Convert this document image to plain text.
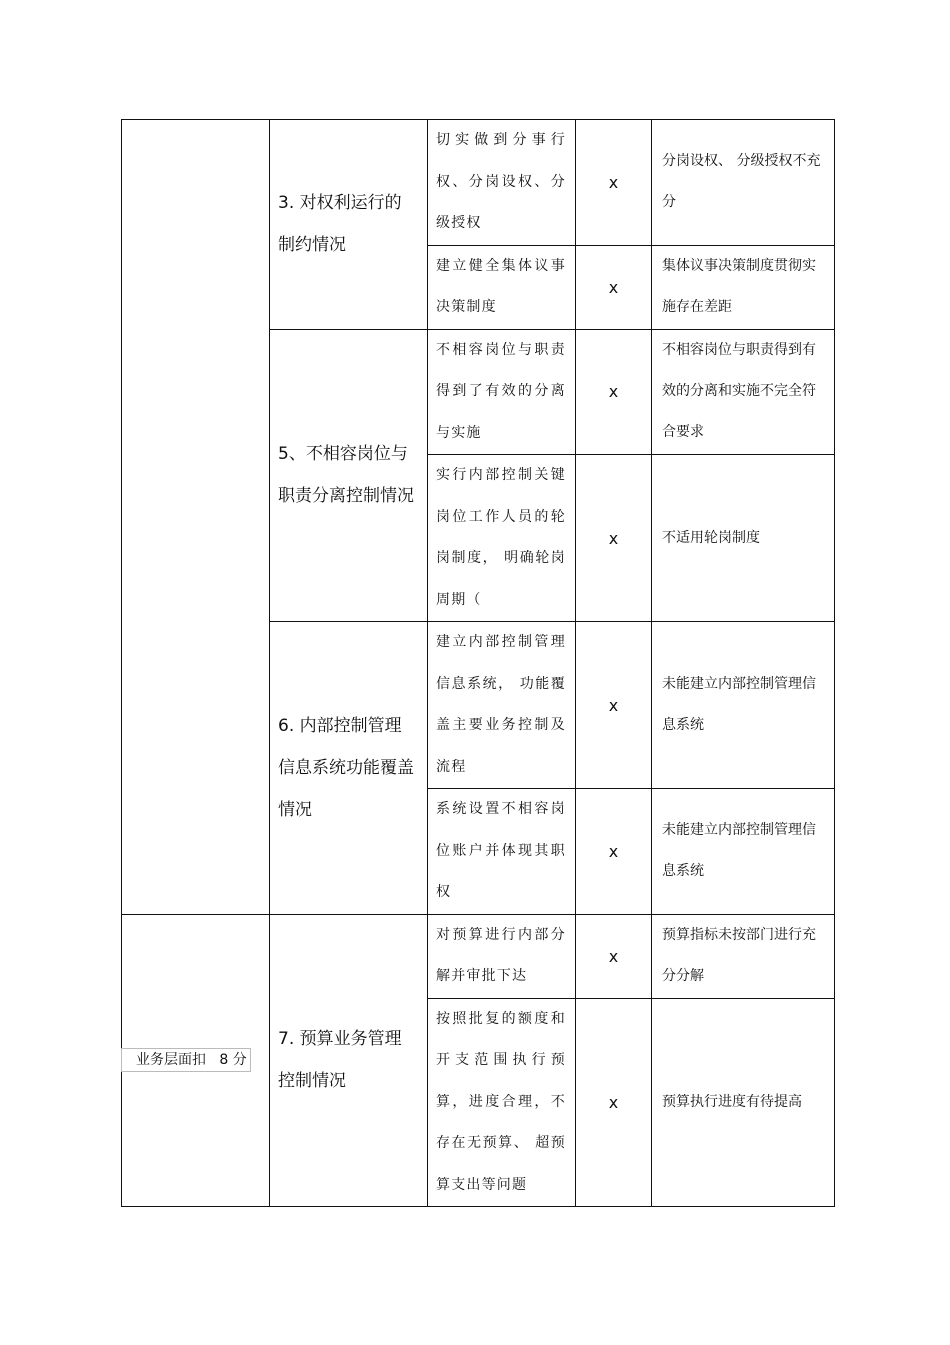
	3. 对权利运行的制约情况	切实做到分事行权、分岗设权、分级授权	x	分岗设权、 分级授权不充分

		建立健全集体议事决策制度	x	集体议事决策制度贯彻实施存在差距

	5、不相容岗位与职责分离控制情况	不相容岗位与职责得到了有效的分离与实施	x	不相容岗位与职责得到有效的分离和实施不完全符合要求

		实行内部控制关键岗位工作人员的轮岗制度， 明确轮岗周期（	x	不适用轮岗制度

	6. 内部控制管理信息系统功能覆盖情况	建立内部控制管理信息系统， 功能覆盖主要业务控制及流程	x	未能建立内部控制管理信息系统

		系统设置不相容岗位账户并体现其职权	x	未能建立内部控制管理信息系统

业务层面扣 8 分	7. 预算业务管理控制情况	对预算进行内部分解并审批下达	x	预算指标未按部门进行充分分解

		按照批复的额度和开支范围执行预算，进度合理，不存在无预算、 超预算支出等问题	x	预算执行进度有待提高
